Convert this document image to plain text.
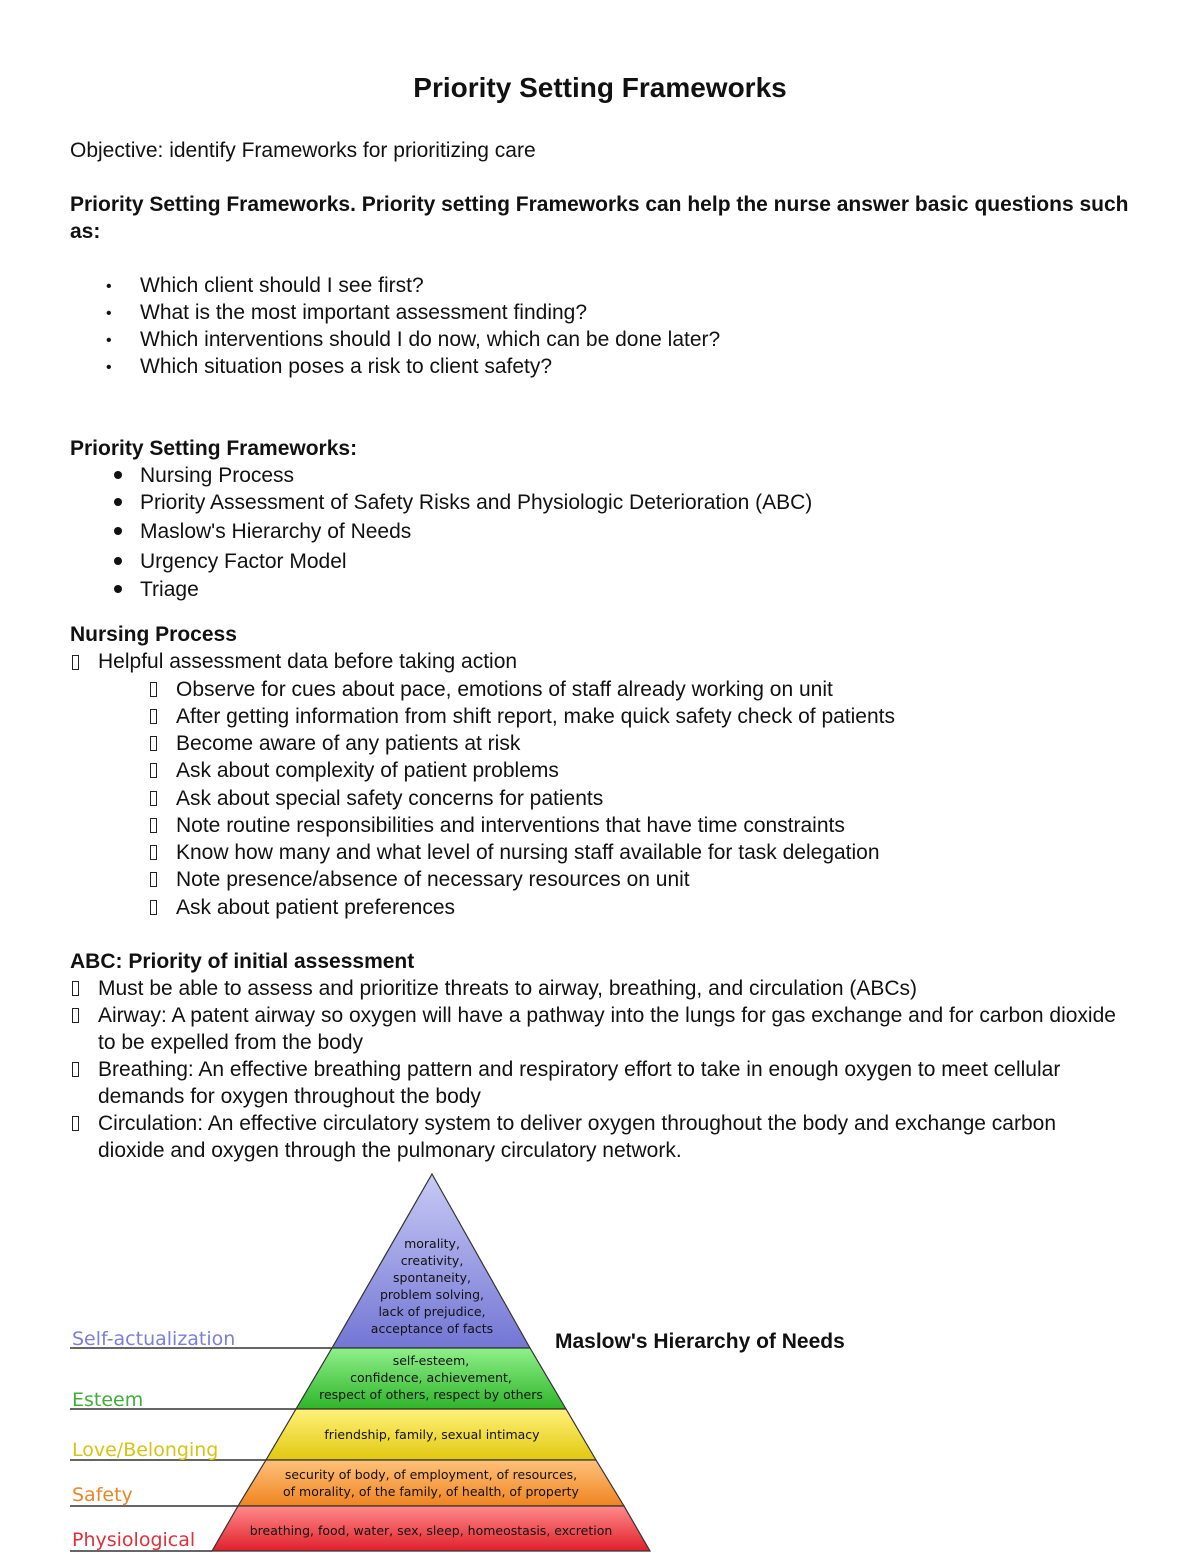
Priority Setting Frameworks
Objective: identify Frameworks for prioritizing care
Priority Setting Frameworks. Priority setting Frameworks can help the nurse answer basic questions such as:
• Which client should I see first?
• What is the most important assessment finding?
• Which interventions should I do now, which can be done later?
• Which situation poses a risk to client safety?
Priority Setting Frameworks:
Nursing Process
Priority Assessment of Safety Risks and Physiologic Deterioration (ABC)
Maslow's Hierarchy of Needs
Urgency Factor Model
Triage
Nursing Process
Helpful assessment data before taking action
Observe for cues about pace, emotions of staff already working on unit
After getting information from shift report, make quick safety check of patients
Become aware of any patients at risk
Ask about complexity of patient problems
Ask about special safety concerns for patients
Note routine responsibilities and interventions that have time constraints
Know how many and what level of nursing staff available for task delegation
Note presence/absence of necessary resources on unit
Ask about patient preferences
ABC: Priority of initial assessment
Must be able to assess and prioritize threats to airway, breathing, and circulation (ABCs)
Airway: A patent airway so oxygen will have a pathway into the lungs for gas exchange and for carbon dioxide to be expelled from the body
Breathing: An effective breathing pattern and respiratory effort to take in enough oxygen to meet cellular demands for oxygen throughout the body
Circulation: An effective circulatory system to deliver oxygen throughout the body and exchange carbon dioxide and oxygen through the pulmonary circulatory network.
Self-actualization
Esteem
Love/Belonging
Safety
Physiological
morality,
creativity,
spontaneity,
problem solving,
lack of prejudice,
acceptance of facts
self-esteem,
confidence, achievement,
respect of others, respect by others
friendship, family, sexual intimacy
security of body, of employment, of resources,
of morality, of the family, of health, of property
breathing, food, water, sex, sleep, homeostasis, excretion
Maslow's Hierarchy of Needs
